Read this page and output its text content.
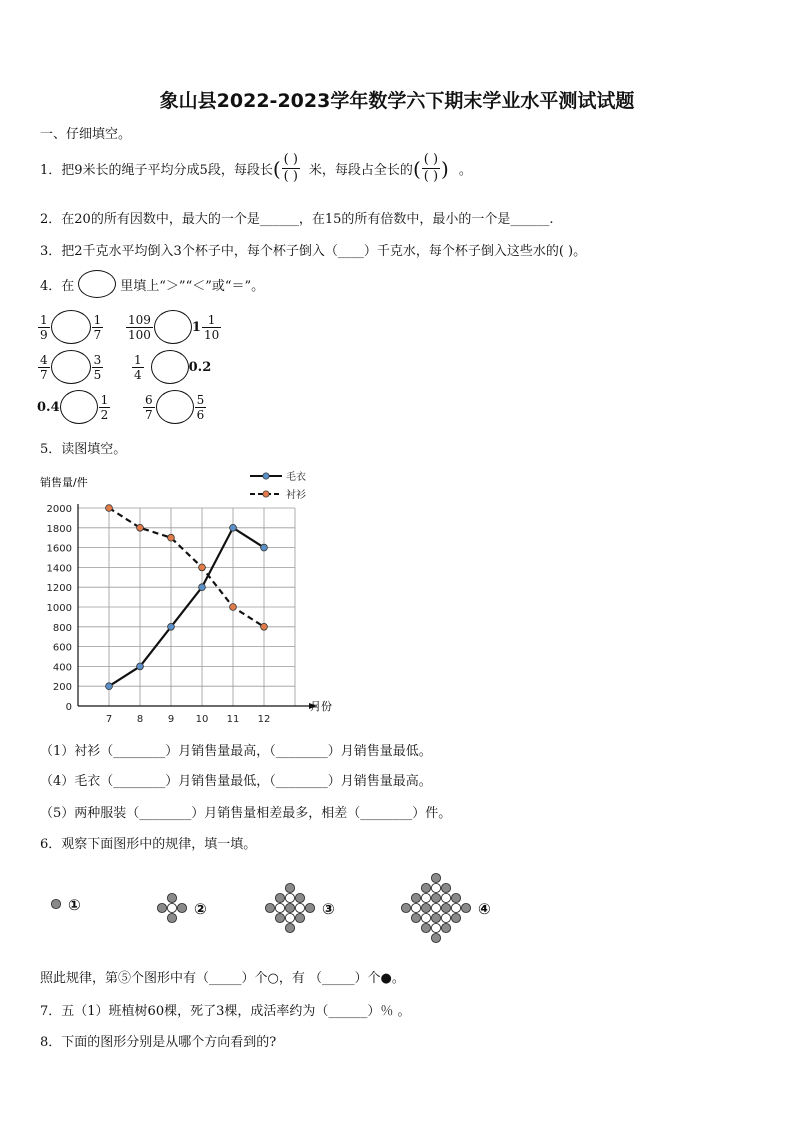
象山县2022-2023学年数学六下期末学业水平测试试题
一、仔细填空。
1． 把9米长的绳子平均分成5段，每段长 ( $\frac{( )}{( )}$ 米，每段占全长的 ( $\frac{( )}{( )}$ ) 。
2．在20的所有因数中，最大的一个是______，在15的所有倍数中，最小的一个是______.
3．把2千克水平均倒入3个杯子中，每个杯子倒入（____）千克水，每个杯子倒入这些水的( )。
4．在	里填上“＞”“＜”或“＝”。
$\frac{1}{9}$	$\frac{1}{7} \frac{109}{100}$	$1 \frac{1}{10}$
$\frac{4}{7}$	$\frac{3}{5} \frac{1}{4}$	0.2
0.4	$\frac{1}{2}$	$\frac{6}{7}$	$\frac{5}{6}$
5．读图填空。
0
200
400
600
800
1000
1200
1400
1600
1800
2000
7 8 9 10 11 12
毛衣
衬衫
销售量/件
月份
（1）衬衫（________）月销售量最高，（________）月销售量最低。
（4）毛衣（________）月销售量最低，（________）月销售量最高。
（5）两种服装（________）月销售量相差最多，相差（________）件。
6．观察下面图形中的规律，填一填。
①	②	③	④
照此规律，第⑤个图形中有（_____）个○，有 （_____）个●。
7．五（1）班植树60棵，死了3棵，成活率约为（______）％ 。
8．下面的图形分别是从哪个方向看到的?
